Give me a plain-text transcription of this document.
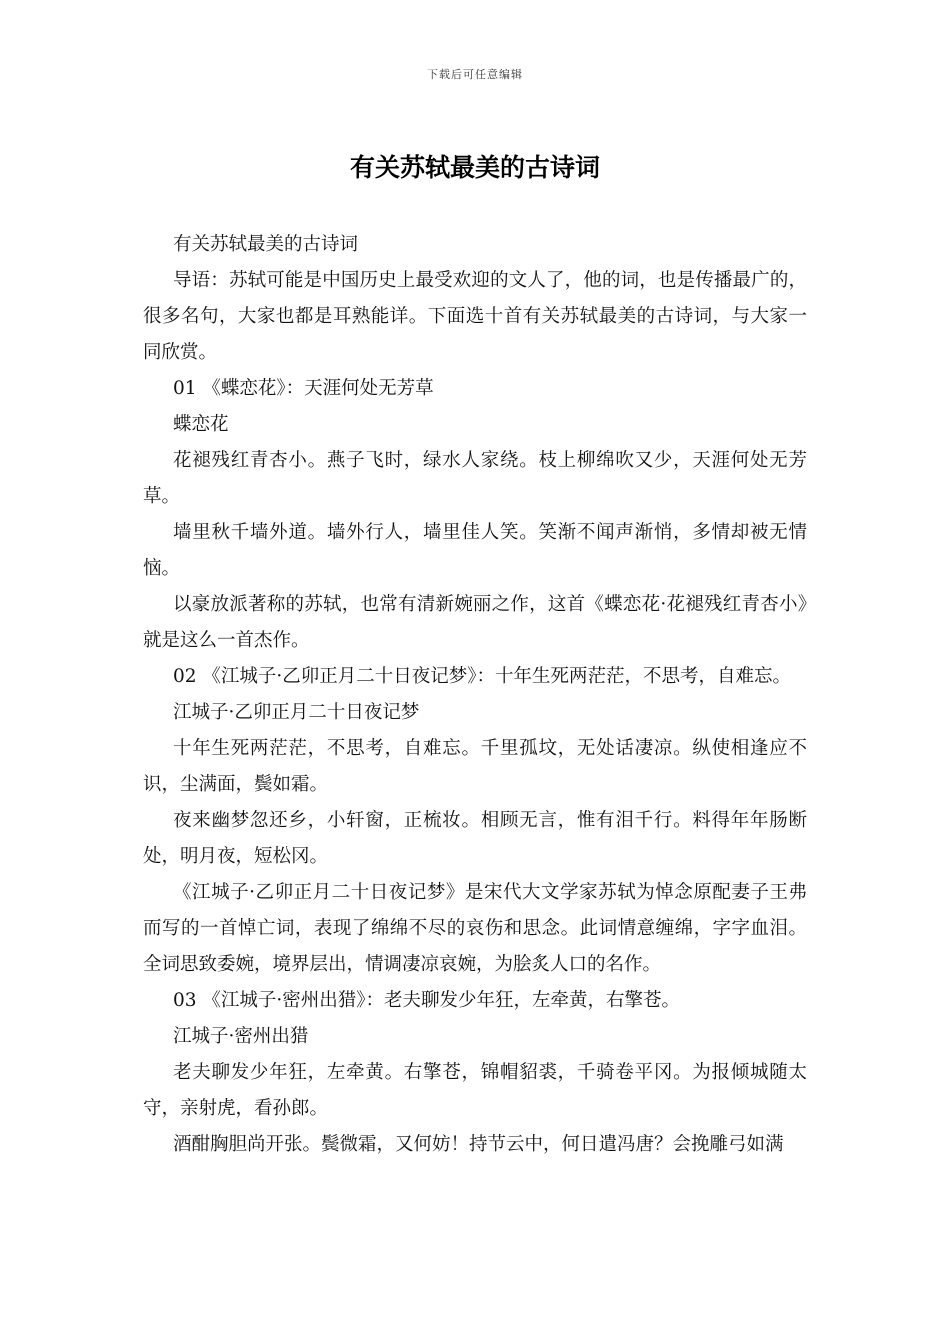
下载后可任意编辑
有关苏轼最美的古诗词

有关苏轼最美的古诗词

导语：苏轼可能是中国历史上最受欢迎的文人了，他的词，也是传播最广的，很多名句，大家也都是耳熟能详。下面选十首有关苏轼最美的古诗词，与大家一同欣赏。

01 《蝶恋花》：天涯何处无芳草

蝶恋花

花褪残红青杏小。燕子飞时，绿水人家绕。枝上柳绵吹又少，天涯何处无芳草。

墙里秋千墙外道。墙外行人，墙里佳人笑。笑渐不闻声渐悄，多情却被无情恼。

以豪放派著称的苏轼，也常有清新婉丽之作，这首《蝶恋花·花褪残红青杏小》就是这么一首杰作。

02 《江城子·乙卯正月二十日夜记梦》：十年生死两茫茫，不思考，自难忘。

江城子·乙卯正月二十日夜记梦

十年生死两茫茫，不思考，自难忘。千里孤坟，无处话凄凉。纵使相逢应不识，尘满面，鬓如霜。

夜来幽梦忽还乡，小轩窗，正梳妆。相顾无言，惟有泪千行。料得年年肠断处，明月夜，短松冈。

《江城子·乙卯正月二十日夜记梦》是宋代大文学家苏轼为悼念原配妻子王弗而写的一首悼亡词，表现了绵绵不尽的哀伤和思念。此词情意缠绵，字字血泪。全词思致委婉，境界层出，情调凄凉哀婉，为脍炙人口的名作。

03 《江城子·密州出猎》：老夫聊发少年狂，左牵黄，右擎苍。

江城子·密州出猎

老夫聊发少年狂，左牵黄。右擎苍，锦帽貂裘，千骑卷平冈。为报倾城随太守，亲射虎，看孙郎。

酒酣胸胆尚开张。鬓微霜，又何妨！持节云中，何日遣冯唐？会挽雕弓如满
